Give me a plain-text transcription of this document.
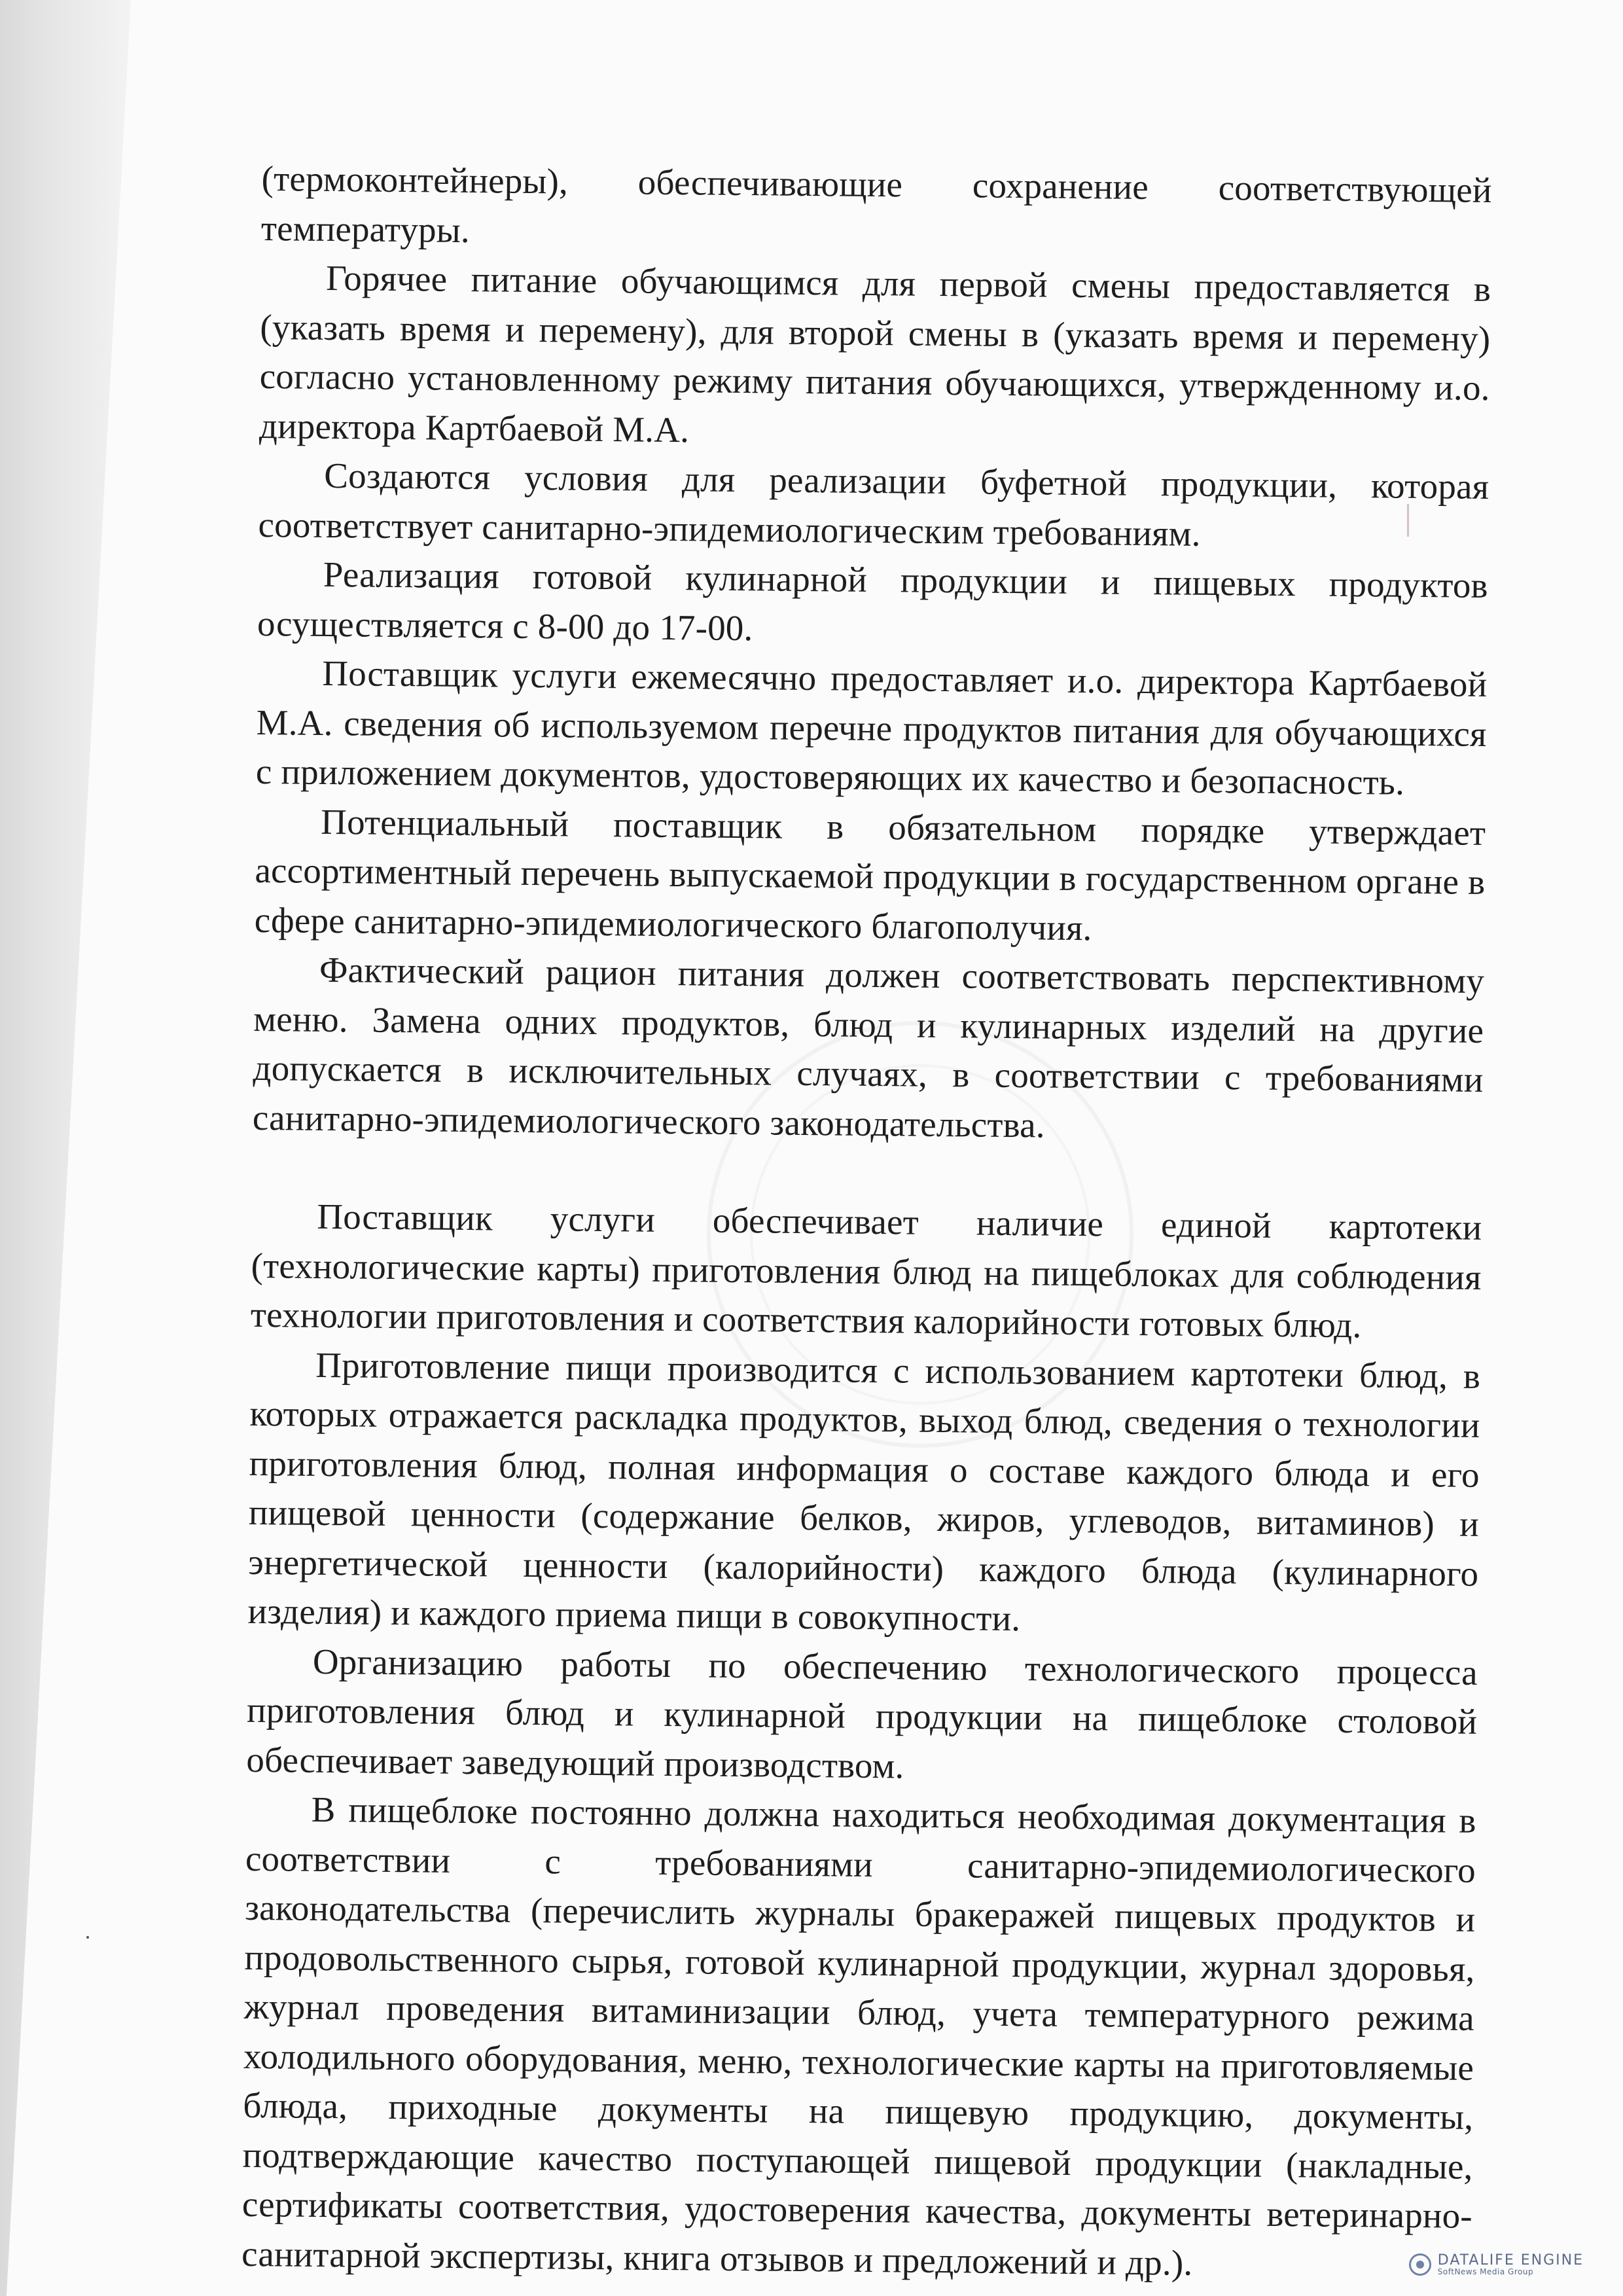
(термоконтейнеры), обеспечивающие сохранение соответствующей температуры.

Горячее питание обучающимся для первой смены предоставляется в (указать время и перемену), для второй смены в (указать время и перемену) согласно установленному режиму питания обучающихся, утвержденному и.о. директора Картбаевой М.А.

Создаются условия для реализации буфетной продукции, которая соответствует санитарно-эпидемиологическим требованиям.

Реализация готовой кулинарной продукции и пищевых продуктов осуществляется с 8-00 до 17-00.

Поставщик услуги ежемесячно предоставляет и.о. директора Картбаевой М.А. сведения об используемом перечне продуктов питания для обучающихся с приложением документов, удостоверяющих их качество и безопасность.

Потенциальный поставщик в обязательном порядке утверждает ассортиментный перечень выпускаемой продукции в государственном органе в сфере санитарно-эпидемиологического благополучия.

Фактический рацион питания должен соответствовать перспективному меню. Замена одних продуктов, блюд и кулинарных изделий на другие допускается в исключительных случаях, в соответствии с требованиями санитарно-эпидемиологического законодательства.

Поставщик услуги обеспечивает наличие единой картотеки (технологические карты) приготовления блюд на пищеблоках для соблюдения технологии приготовления и соответствия калорийности готовых блюд.

Приготовление пищи производится с использованием картотеки блюд, в которых отражается раскладка продуктов, выход блюд, сведения о технологии приготовления блюд, полная информация о составе каждого блюда и его пищевой ценности (содержание белков, жиров, углеводов, витаминов) и энергетической ценности (калорийности) каждого блюда (кулинарного изделия) и каждого приема пищи в совокупности.

Организацию работы по обеспечению технологического процесса приготовления блюд и кулинарной продукции на пищеблоке столовой обеспечивает заведующий производством.

В пищеблоке постоянно должна находиться необходимая документация в соответствии с требованиями санитарно-эпидемиологического законодательства (перечислить журналы бракеражей пищевых продуктов и продовольственного сырья, готовой кулинарной продукции, журнал здоровья, журнал проведения витаминизации блюд, учета температурного режима холодильного оборудования, меню, технологические карты на приготовляемые блюда, приходные документы на пищевую продукцию, документы, подтверждающие качество поступающей пищевой продукции (накладные, сертификаты соответствия, удостоверения качества, документы ветеринарно-санитарной экспертизы, книга отзывов и предложений и др.).	DATALIFE ENGINE
SoftNews Media Group
